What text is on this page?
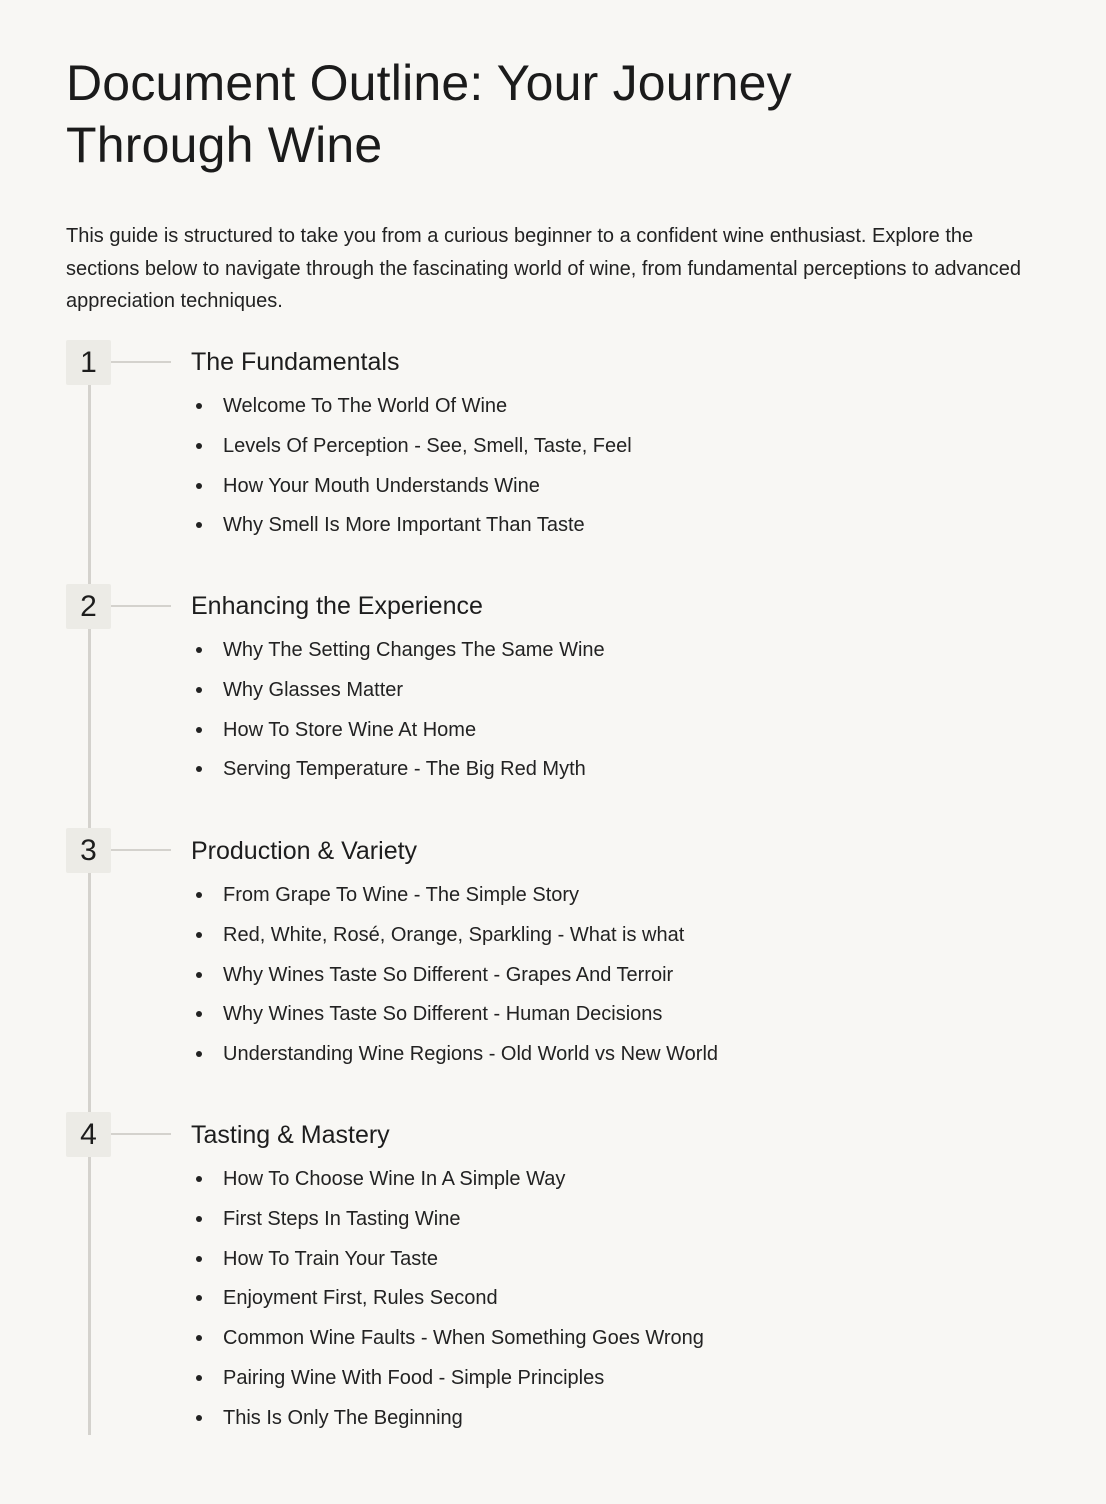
Document Outline: Your Journey Through Wine

This guide is structured to take you from a curious beginner to a confident wine enthusiast. Explore the sections below to navigate through the fascinating world of wine, from fundamental perceptions to advanced appreciation techniques.

1	The Fundamentals
Welcome To The World Of Wine
Levels Of Perception - See, Smell, Taste, Feel
How Your Mouth Understands Wine
Why Smell Is More Important Than Taste
2	Enhancing the Experience
Why The Setting Changes The Same Wine
Why Glasses Matter
How To Store Wine At Home
Serving Temperature - The Big Red Myth
3	Production & Variety
From Grape To Wine - The Simple Story
Red, White, Rosé, Orange, Sparkling - What is what
Why Wines Taste So Different - Grapes And Terroir
Why Wines Taste So Different - Human Decisions
Understanding Wine Regions - Old World vs New World
4	Tasting & Mastery
How To Choose Wine In A Simple Way
First Steps In Tasting Wine
How To Train Your Taste
Enjoyment First, Rules Second
Common Wine Faults - When Something Goes Wrong
Pairing Wine With Food - Simple Principles
This Is Only The Beginning
